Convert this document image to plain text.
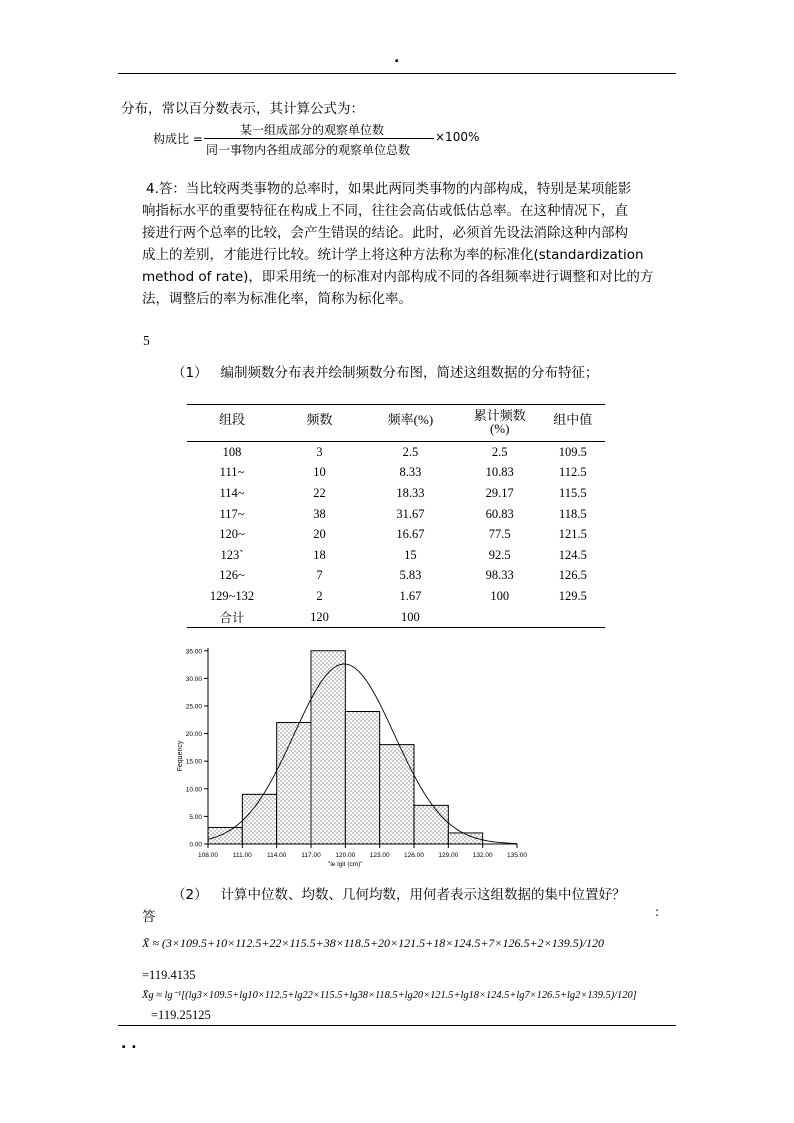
.
分布，常以百分数表示，其计算公式为：
构成比 =
某一组成部分的观察单位数
同一事物内各组成部分的观察单位总数
×100%

4.答：当比较两类事物的总率时，如果此两同类事物的内部构成，特别是某项能影

响指标水平的重要特征在构成上不同，往往会高估或低估总率。在这种情况下，直

接进行两个总率的比较，会产生错误的结论。此时，必须首先设法消除这种内部构

成上的差别，才能进行比较。统计学上将这种方法称为率的标准化(standardization

method of rate)，即采用统一的标准对内部构成不同的各组频率进行调整和对比的方

法，调整后的率为标准化率，简称为标化率。

5
（1）   编制频数分布表并绘制频数分布图，简述这组数据的分布特征；
组段	频数	频率(%)	累计频数(%)	组中值
108	3	2.5	2.5	109.5
111~	10	8.33	10.83	112.5
114~	22	18.33	29.17	115.5
117~	38	31.67	60.83	118.5
120~	20	16.67	77.5	121.5
123`	18	15	92.5	124.5
126~	7	5.83	98.33	126.5
129~132	2	1.67	100	129.5
合计	120	100		
0.00
5.00
10.00
15.00
20.00
25.00
30.00
35.00
108.00 111.00 114.00 117.00 120.00 123.00 126.00 129.00 132.00 135.00
"ie lgit (cm)"
Fequency
（2）   计算中位数、均数、几何均数，用何者表示这组数据的集中位置好？
答	:
X̄ ≈ (3×109.5+10×112.5+22×115.5+38×118.5+20×121.5+18×124.5+7×126.5+2×139.5)/120
=119.4135
X̄g ≈ lg⁻¹[(lg3×109.5+lg10×112.5+lg22×115.5+lg38×118.5+lg20×121.5+lg18×124.5+lg7×126.5+lg2×139.5)/120]
=119.25125
. .
